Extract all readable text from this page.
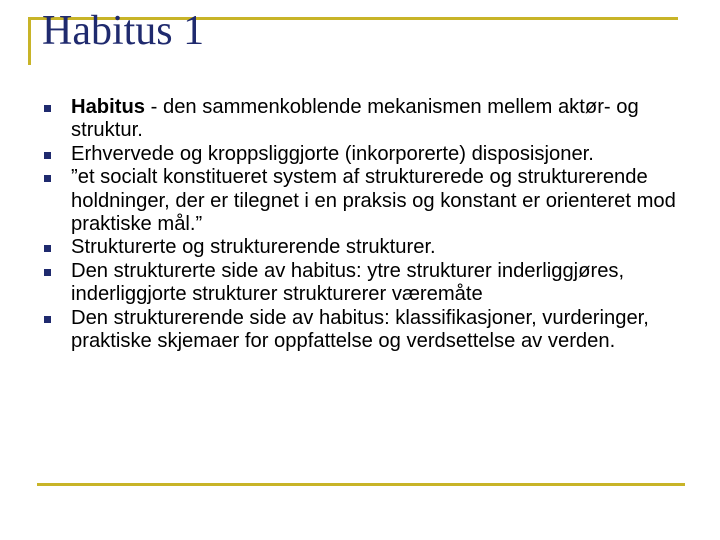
Habitus 1
Habitus - den sammenkoblende mekanismen mellem aktør- og struktur.
Erhvervede og kroppsliggjorte (inkorporerte) disposisjoner.
”et socialt konstitueret system af strukturerede og strukturerende holdninger, der er tilegnet i en praksis og konstant er orienteret mod praktiske mål.”
Strukturerte og strukturerende strukturer.
Den strukturerte side av habitus: ytre strukturer inderliggjøres, inderliggjorte strukturer strukturerer væremåte
Den strukturerende side av habitus: klassifikasjoner, vurderinger, praktiske skjemaer for oppfattelse og verdsettelse av verden.
